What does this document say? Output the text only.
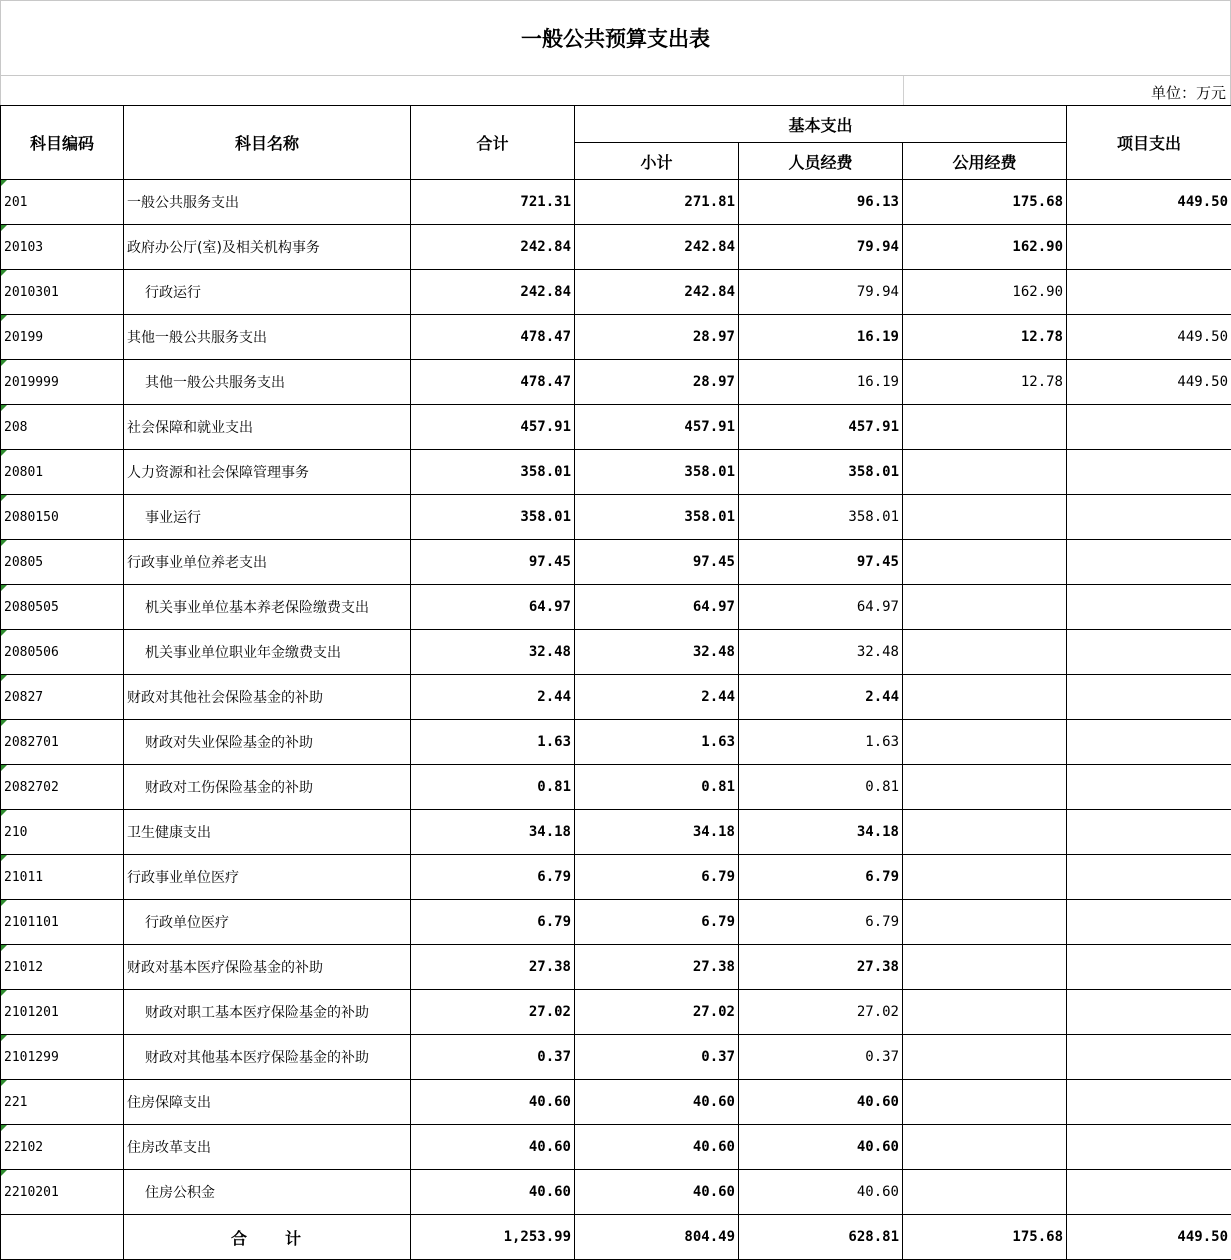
一般公共预算支出表
单位：万元
科目编码	科目名称	合计	基本支出			项目支出
			小计	人员经费	公用经费	
201	一般公共服务支出	721.31	271.81	96.13	175.68	449.50
20103	政府办公厅(室)及相关机构事务	242.84	242.84	79.94	162.90	
2010301	行政运行	242.84	242.84	79.94	162.90	
20199	其他一般公共服务支出	478.47	28.97	16.19	12.78	449.50
2019999	其他一般公共服务支出	478.47	28.97	16.19	12.78	449.50
208	社会保障和就业支出	457.91	457.91	457.91		
20801	人力资源和社会保障管理事务	358.01	358.01	358.01		
2080150	事业运行	358.01	358.01	358.01		
20805	行政事业单位养老支出	97.45	97.45	97.45		
2080505	机关事业单位基本养老保险缴费支出	64.97	64.97	64.97		
2080506	机关事业单位职业年金缴费支出	32.48	32.48	32.48		
20827	财政对其他社会保险基金的补助	2.44	2.44	2.44		
2082701	财政对失业保险基金的补助	1.63	1.63	1.63		
2082702	财政对工伤保险基金的补助	0.81	0.81	0.81		
210	卫生健康支出	34.18	34.18	34.18		
21011	行政事业单位医疗	6.79	6.79	6.79		
2101101	行政单位医疗	6.79	6.79	6.79		
21012	财政对基本医疗保险基金的补助	27.38	27.38	27.38		
2101201	财政对职工基本医疗保险基金的补助	27.02	27.02	27.02		
2101299	财政对其他基本医疗保险基金的补助	0.37	0.37	0.37		
221	住房保障支出	40.60	40.60	40.60		
22102	住房改革支出	40.60	40.60	40.60		
2210201	住房公积金	40.60	40.60	40.60		
	合　　计	1,253.99	804.49	628.81	175.68	449.50
